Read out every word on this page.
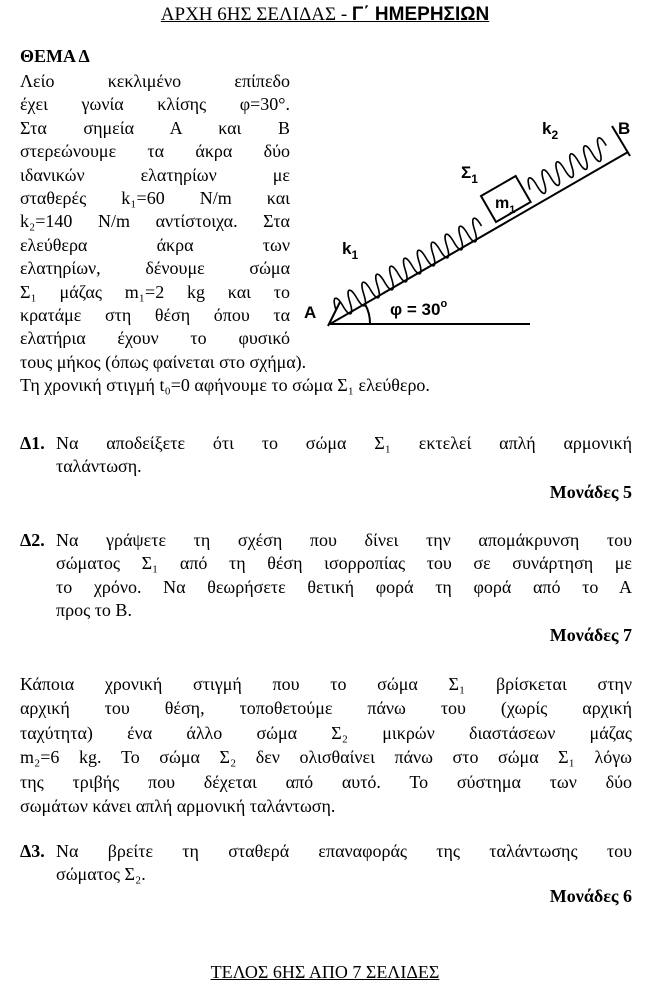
ΑΡΧΗ 6ΗΣ ΣΕΛΙΔΑΣ - Γ΄ ΗΜΕΡΗΣΙΩΝ
ΘΕΜΑ Δ
Λείο κεκλιμένο επίπεδο
έχει γωνία κλίσης φ=30°.
Στα σημεία Α και Β
στερεώνουμε τα άκρα δύο
ιδανικών ελατηρίων με
σταθερές k₁=60 N/m και
k₂=140 N/m αντίστοιχα. Στα
ελεύθερα άκρα των
ελατηρίων, δένουμε σώμα
Σ₁ μάζας m₁=2 kg και το
κρατάμε στη θέση όπου τα
ελατήρια έχουν το φυσικό
τους μήκος (όπως φαίνεται στο σχήμα).
Τη χρονική στιγμή t₀=0 αφήνουμε το σώμα Σ₁ ελεύθερο.
A
B
$k_1$
$k_2$
$\Sigma_1$
$m_1$
$\varphi = 30^o$
Δ1. Να αποδείξετε ότι το σώμα Σ₁ εκτελεί απλή αρμονική
ταλάντωση.
Μονάδες 5
Δ2. Να γράψετε τη σχέση που δίνει την απομάκρυνση του
σώματος Σ₁ από τη θέση ισορροπίας του σε συνάρτηση με
το χρόνο. Να θεωρήσετε θετική φορά τη φορά από το Α
προς το Β.
Μονάδες 7
Κάποια χρονική στιγμή που το σώμα Σ₁ βρίσκεται στην
αρχική του θέση, τοποθετούμε πάνω του (χωρίς αρχική
ταχύτητα) ένα άλλο σώμα Σ₂ μικρών διαστάσεων μάζας
m₂=6 kg. Το σώμα Σ₂ δεν ολισθαίνει πάνω στο σώμα Σ₁ λόγω
της τριβής που δέχεται από αυτό. Το σύστημα των δύο
σωμάτων κάνει απλή αρμονική ταλάντωση.
Δ3. Να βρείτε τη σταθερά επαναφοράς της ταλάντωσης του
σώματος Σ₂.
Μονάδες 6
ΤΕΛΟΣ 6ΗΣ ΑΠΟ 7 ΣΕΛΙΔΕΣ
